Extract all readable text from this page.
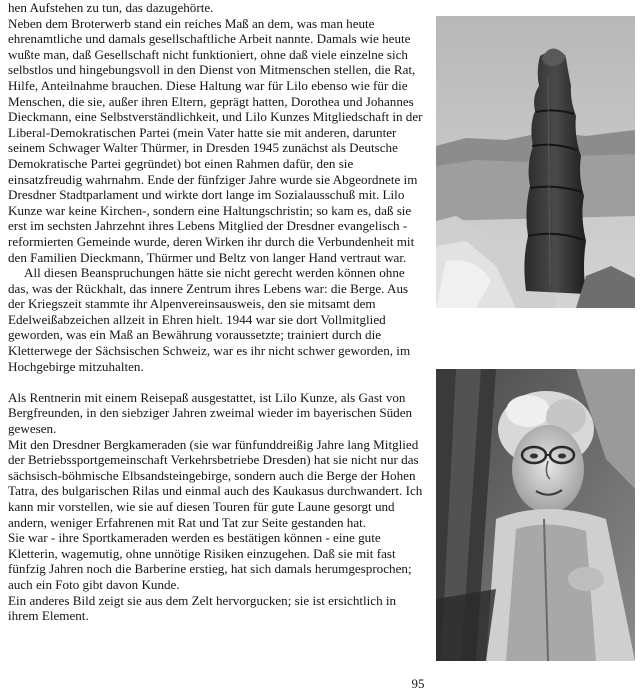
hen Aufstehen zu tun, das dazugehörte.

Neben dem Broterwerb stand ein reiches Maß an dem, was man heute ehrenamtliche und damals gesellschaftliche Arbeit nannte. Damals wie heute wußte man, daß Gesellschaft nicht funktioniert, ohne daß viele einzelne sich selbstlos und hingebungsvoll in den Dienst von Mitmenschen stellen, die Rat, Hilfe, Anteilnahme brauchen. Diese Haltung war für Lilo ebenso wie für die Menschen, die sie, außer ihren Eltern, geprägt hatten, Dorothea und Johannes Dieckmann, eine Selbstverständlichkeit, und Lilo Kunzes Mitgliedschaft in der Liberal-Demokratischen Partei (mein Vater hatte sie mit anderen, darunter seinem Schwager Walter Thürmer, in Dresden 1945 zunächst als Deutsche Demokratische Partei gegründet) bot einen Rahmen dafür, den sie einsatzfreudig wahrnahm. Ende der fünfziger Jahre wurde sie Abgeordnete im Dresdner Stadtparlament und wirkte dort lange im Sozialausschuß mit. Lilo Kunze war keine Kirchen-, sondern eine Haltungschristin; so kam es, daß sie erst im sechsten Jahrzehnt ihres Lebens Mitglied der Dresdner evangelisch - reformierten Gemeinde wurde, deren Wirken ihr durch die Verbundenheit mit den Familien Dieckmann, Thürmer und Beltz von langer Hand vertraut war.

All diesen Beanspruchungen hätte sie nicht gerecht werden können ohne das, was der Rückhalt, das innere Zentrum ihres Lebens war: die Berge. Aus der Kriegszeit stammte ihr Alpenvereinsausweis, den sie mitsamt dem Edelweißabzeichen allzeit in Ehren hielt. 1944 war sie dort Vollmitglied geworden, was ein Maß an Bewährung voraussetzte; trainiert durch die Kletterwege der Sächsischen Schweiz, war es ihr nicht schwer geworden, im Hochgebirge mitzuhalten.

Als Rentnerin mit einem Reisepaß ausgestattet, ist Lilo Kunze, als Gast von Bergfreunden, in den siebziger Jahren zweimal wieder im bayerischen Süden gewesen.

Mit den Dresdner Bergkameraden (sie war fünfunddreißig Jahre lang Mitglied der Betriebssportgemeinschaft Verkehrsbetriebe Dresden) hat sie nicht nur das sächsisch-böhmische Elbsandsteingebirge, sondern auch die Berge der Hohen Tatra, des bulgarischen Rilas und einmal auch des Kaukasus durchwandert. Ich kann mir vorstellen, wie sie auf diesen Touren für gute Laune gesorgt und andern, weniger Erfahrenen mit Rat und Tat zur Seite gestanden hat.

Sie war - ihre Sportkameraden werden es bestätigen können - eine gute Kletterin, wagemutig, ohne unnötige Risiken einzugehen. Daß sie mit fast fünfzig Jahren noch die Barberine erstieg, hat sich damals herumgesprochen; auch ein Foto gibt davon Kunde.

Ein anderes Bild zeigt sie aus dem Zelt hervorgucken; sie ist ersichtlich in ihrem Element.

95
